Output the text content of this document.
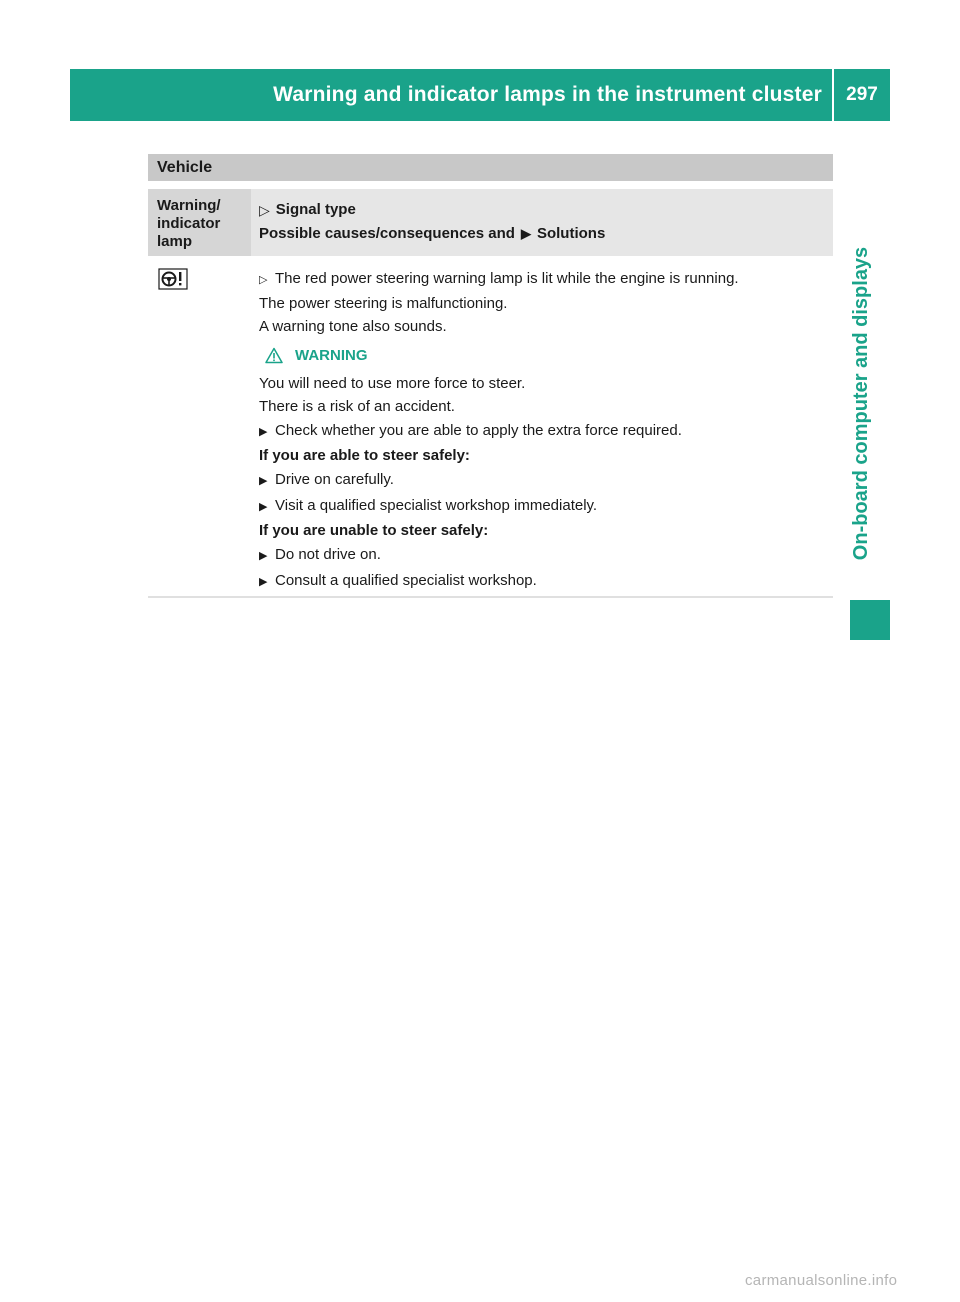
Warning and indicator lamps in the instrument cluster	297
On-board computer and displays
Vehicle
Warning/ indicator lamp
▷ Signal type
Possible causes/consequences and ▶ Solutions
▷ The red power steering warning lamp is lit while the engine is running.

The power steering is malfunctioning.

A warning tone also sounds.

WARNING

You will need to use more force to steer.

There is a risk of an accident.

▶ Check whether you are able to apply the extra force required.

If you are able to steer safely:

▶ Drive on carefully.
▶ Visit a qualified specialist workshop immediately.

If you are unable to steer safely:

▶ Do not drive on.
▶ Consult a qualified specialist workshop.
carmanualsonline.info
